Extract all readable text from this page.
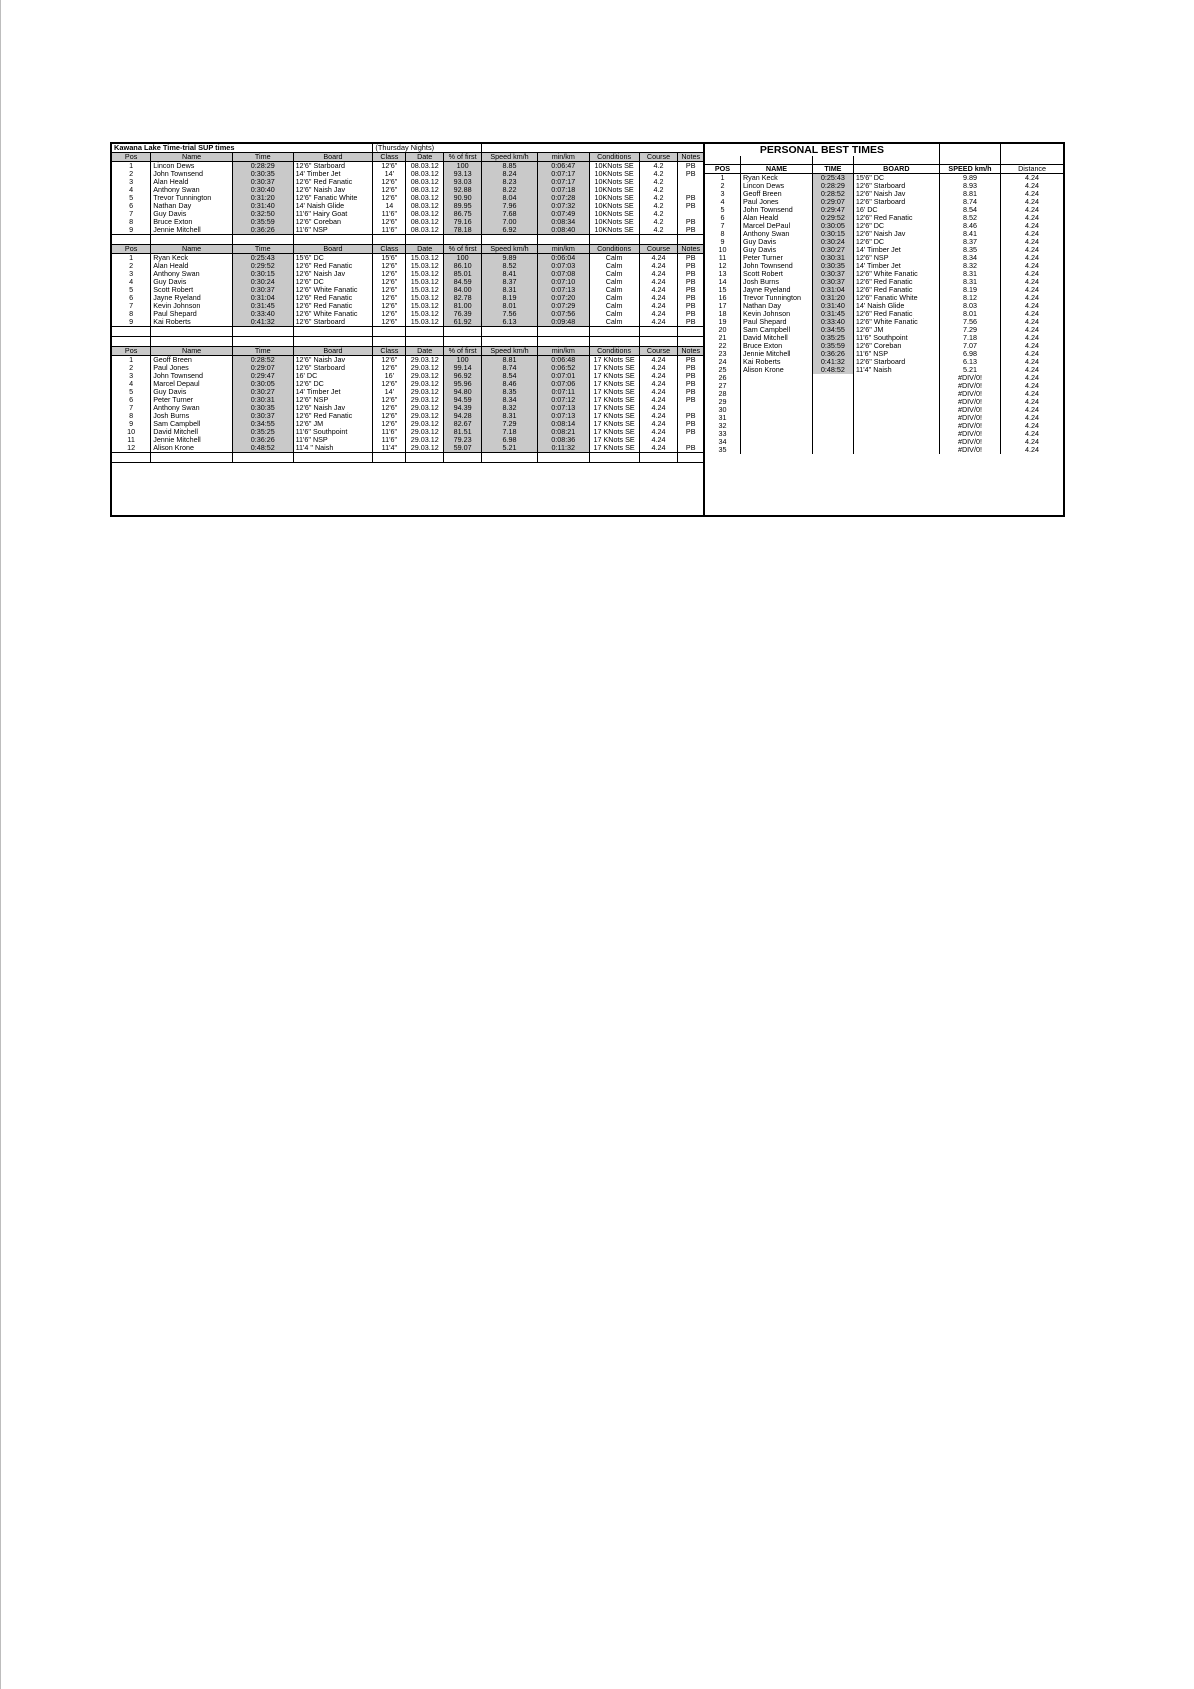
Kawana Lake Time-trial SUP times				(Thursday Nights)							
Pos	Name	Time	Board	Class	Date	% of first	Speed km/h	min/km	Conditions	Course	Notes
1	Lincon Dews	0:28:29	12'6" Starboard	12'6"	08.03.12	100	8.85	0:06:47	10KNots SE	4.2	PB
2	John Townsend	0:30:35	14' Timber Jet	14'	08.03.12	93.13	8.24	0:07:17	10KNots SE	4.2	PB
3	Alan Heald	0:30:37	12'6" Red Fanatic	12'6"	08.03.12	93.03	8.23	0:07:17	10KNots SE	4.2	
4	Anthony Swan	0:30:40	12'6" Naish Jav	12'6"	08.03.12	92.88	8.22	0:07:18	10KNots SE	4.2	
5	Trevor Tunnington	0:31:20	12'6" Fanatic White	12'6"	08.03.12	90.90	8.04	0:07:28	10KNots SE	4.2	PB
6	Nathan Day	0:31:40	14' Naish Glide	14	08.03.12	89.95	7.96	0:07:32	10KNots SE	4.2	PB
7	Guy Davis	0:32:50	11'6" Hairy Goat	11'6"	08.03.12	86.75	7.68	0:07:49	10KNots SE	4.2	
8	Bruce Exton	0:35:59	12'6" Coreban	12'6"	08.03.12	79.16	7.00	0:08:34	10KNots SE	4.2	PB
9	Jennie Mitchell	0:36:26	11'6" NSP	11'6"	08.03.12	78.18	6.92	0:08:40	10KNots SE	4.2	PB

Pos	Name	Time	Board	Class	Date	% of first	Speed km/h	min/km	Conditions	Course	Notes
1	Ryan Keck	0:25:43	15'6" DC	15'6"	15.03.12	100	9.89	0:06:04	Calm	4.24	PB
2	Alan Heald	0:29:52	12'6" Red Fanatic	12'6"	15.03.12	86.10	8.52	0:07:03	Calm	4.24	PB
3	Anthony Swan	0:30:15	12'6" Naish Jav	12'6"	15.03.12	85.01	8.41	0:07:08	Calm	4.24	PB
4	Guy Davis	0:30:24	12'6" DC	12'6"	15.03.12	84.59	8.37	0:07:10	Calm	4.24	PB
5	Scott Robert	0:30:37	12'6" White Fanatic	12'6"	15.03.12	84.00	8.31	0:07:13	Calm	4.24	PB
6	Jayne Ryeland	0:31:04	12'6" Red Fanatic	12'6"	15.03.12	82.78	8.19	0:07:20	Calm	4.24	PB
7	Kevin Johnson	0:31:45	12'6" Red Fanatic	12'6"	15.03.12	81.00	8.01	0:07:29	Calm	4.24	PB
8	Paul Shepard	0:33:40	12'6" White Fanatic	12'6"	15.03.12	76.39	7.56	0:07:56	Calm	4.24	PB
9	Kai Roberts	0:41:32	12'6" Starboard	12'6"	15.03.12	61.92	6.13	0:09:48	Calm	4.24	PB

Pos	Name	Time	Board	Class	Date	% of first	Speed km/h	min/km	Conditions	Course	Notes
1	Geoff Breen	0:28:52	12'6" Naish Jav	12'6"	29.03.12	100	8.81	0:06:48	17 KNots SE	4.24	PB
2	Paul Jones	0:29:07	12'6" Starboard	12'6"	29.03.12	99.14	8.74	0:06:52	17 KNots SE	4.24	PB
3	John Townsend	0:29:47	16' DC	16'	29.03.12	96.92	8.54	0:07:01	17 KNots SE	4.24	PB
4	Marcel Depaul	0:30:05	12'6" DC	12'6"	29.03.12	95.96	8.46	0:07:06	17 KNots SE	4.24	PB
5	Guy Davis	0:30:27	14' Timber Jet	14'	29.03.12	94.80	8.35	0:07:11	17 KNots SE	4.24	PB
6	Peter Turner	0:30:31	12'6" NSP	12'6"	29.03.12	94.59	8.34	0:07:12	17 KNots SE	4.24	PB
7	Anthony Swan	0:30:35	12'6" Naish Jav	12'6"	29.03.12	94.39	8.32	0:07:13	17 KNots SE	4.24	
8	Josh Burns	0:30:37	12'6" Red Fanatic	12'6"	29.03.12	94.28	8.31	0:07:13	17 KNots SE	4.24	PB
9	Sam Campbell	0:34:55	12'6" JM	12'6"	29.03.12	82.67	7.29	0:08:14	17 KNots SE	4.24	PB
10	David Mitchell	0:35:25	11'6" Southpoint	11'6"	29.03.12	81.51	7.18	0:08:21	17 KNots SE	4.24	PB
11	Jennie Mitchell	0:36:26	11'6" NSP	11'6"	29.03.12	79.23	6.98	0:08:36	17 KNots SE	4.24	
12	Alison Krone	0:48:52	11'4 " Naish	11'4"	29.03.12	59.07	5.21	0:11:32	17 KNots SE	4.24	PB

PERSONAL BEST TIMES					

POS	NAME	TIME	BOARD	SPEED km/h	Distance
1	Ryan Keck	0:25:43	15'6" DC	9.89	4.24
2	Lincon Dews	0:28:29	12'6" Starboard	8.93	4.24
3	Geoff Breen	0:28:52	12'6" Naish Jav	8.81	4.24
4	Paul Jones	0:29:07	12'6" Starboard	8.74	4.24
5	John Townsend	0:29:47	16' DC	8.54	4.24
6	Alan Heald	0:29:52	12'6" Red Fanatic	8.52	4.24
7	Marcel DePaul	0:30:05	12'6" DC	8.46	4.24
8	Anthony Swan	0:30:15	12'6" Naish Jav	8.41	4.24
9	Guy Davis	0:30:24	12'6" DC	8.37	4.24
10	Guy Davis	0:30:27	14' Timber Jet	8.35	4.24
11	Peter Turner	0:30:31	12'6" NSP	8.34	4.24
12	John Townsend	0:30:35	14' Timber Jet	8.32	4.24
13	Scott Robert	0:30:37	12'6" White Fanatic	8.31	4.24
14	Josh Burns	0:30:37	12'6" Red Fanatic	8.31	4.24
15	Jayne Ryeland	0:31:04	12'6" Red Fanatic	8.19	4.24
16	Trevor Tunnington	0:31:20	12'6" Fanatic White	8.12	4.24
17	Nathan Day	0:31:40	14' Naish Glide	8.03	4.24
18	Kevin Johnson	0:31:45	12'6" Red Fanatic	8.01	4.24
19	Paul Shepard	0:33:40	12'6" White Fanatic	7.56	4.24
20	Sam Campbell	0:34:55	12'6" JM	7.29	4.24
21	David Mitchell	0:35:25	11'6" Southpoint	7.18	4.24
22	Bruce Exton	0:35:59	12'6" Coreban	7.07	4.24
23	Jennie Mitchell	0:36:26	11'6" NSP	6.98	4.24
24	Kai Roberts	0:41:32	12'6" Starboard	6.13	4.24
25	Alison Krone	0:48:52	11'4" Naish	5.21	4.24
26				#DIV/0!	4.24
27				#DIV/0!	4.24
28				#DIV/0!	4.24
29				#DIV/0!	4.24
30				#DIV/0!	4.24
31				#DIV/0!	4.24
32				#DIV/0!	4.24
33				#DIV/0!	4.24
34				#DIV/0!	4.24
35				#DIV/0!	4.24
